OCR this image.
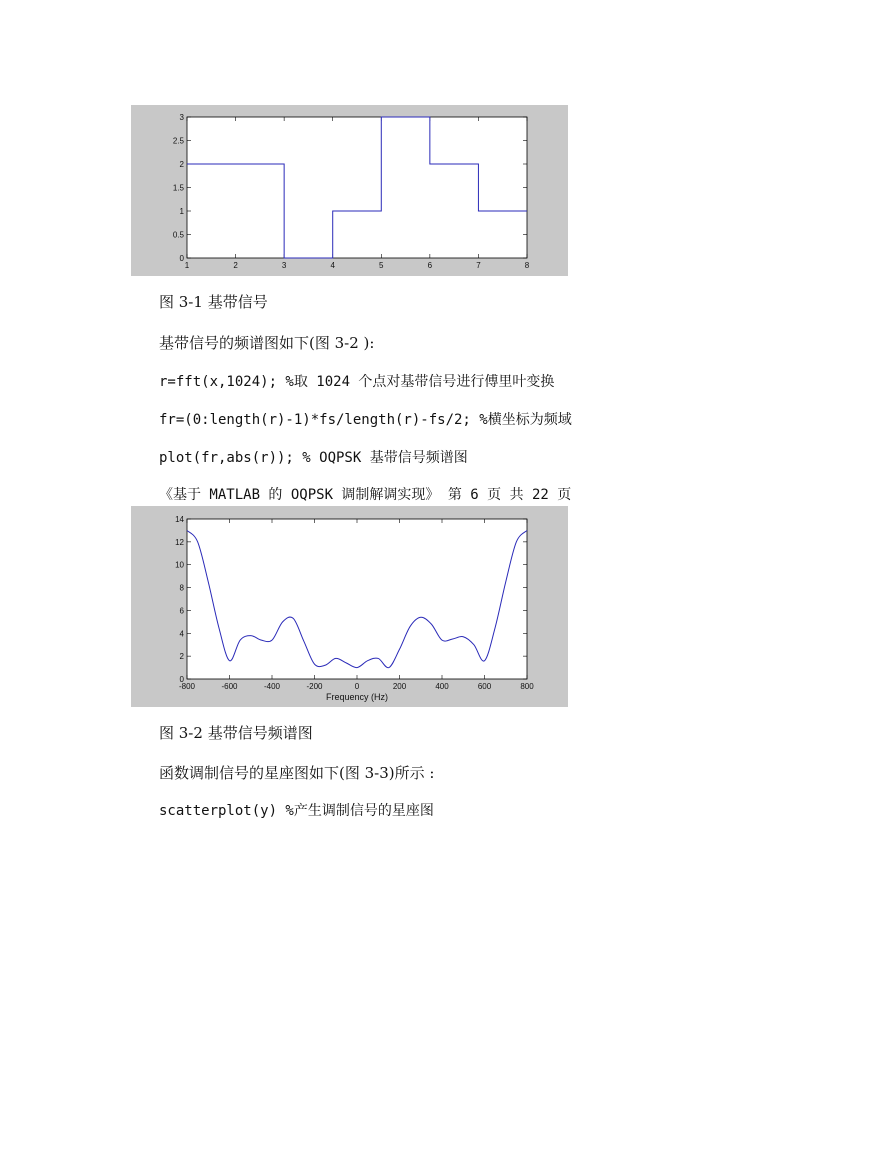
0
0.5
1
1.5
2
2.5
3
1	2	3	4	5	6	7	8
图 3-1 基带信号
基带信号的频谱图如下(图 3-2 ):
r=fft(x,1024); %取 1024 个点对基带信号进行傅里叶变换
fr=(0:length(r)-1)*fs/length(r)-fs/2; %横坐标为频域
plot(fr,abs(r)); % OQPSK 基带信号频谱图
《基于 MATLAB 的 OQPSK 调制解调实现》 第 6 页 共 22 页
0
2
4
6
8
10
12
14
-800	-600	-400	-200	0	200	400	600	800
Frequency (Hz)
图 3-2 基带信号频谱图
函数调制信号的星座图如下(图 3-3)所示 :
scatterplot(y) %产生调制信号的星座图
